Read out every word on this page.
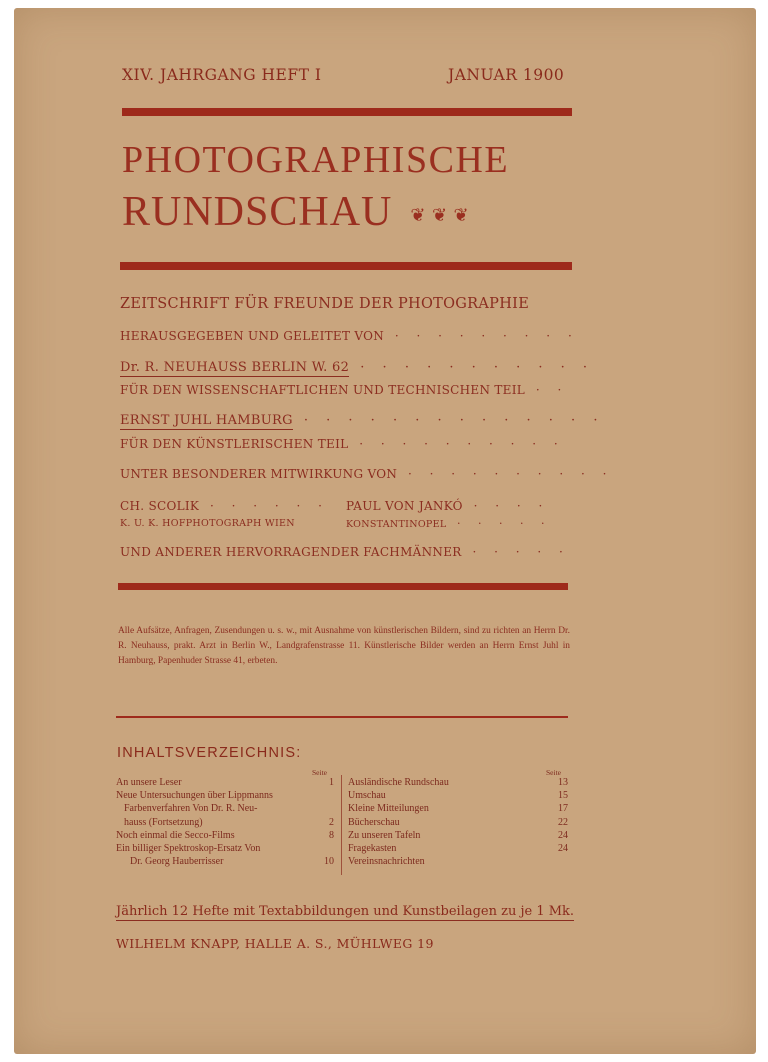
XIV. JAHRGANG HEFT I	JANUAR 1900
PHOTOGRAPHISCHE
RUNDSCHAU ❦ ❦ ❦
ZEITSCHRIFT FÜR FREUNDE DER PHOTOGRAPHIE
HERAUSGEGEBEN UND GELEITET VON · · · · · · · · ·
Dr. R. NEUHAUSS BERLIN W. 62 · · · · · · · · · · ·
FÜR DEN WISSENSCHAFTLICHEN UND TECHNISCHEN TEIL · ·
ERNST JUHL HAMBURG · · · · · · · · · · · · · ·
FÜR DEN KÜNSTLERISCHEN TEIL · · · · · · · · · ·
UNTER BESONDERER MITWIRKUNG VON · · · · · · · · · ·
CH. SCOLIK · · · · · · PAUL VON JANKÓ · · · ·
K. U. K. HOFPHOTOGRAPH WIEN	KONSTANTINOPEL · · · · ·
UND ANDERER HERVORRAGENDER FACHMÄNNER · · · · ·
Alle Aufsätze, Anfragen, Zusendungen u. s. w., mit Ausnahme von künstlerischen Bildern, sind zu richten an Herrn Dr. R. Neuhauss, prakt. Arzt in Berlin W., Landgrafenstrasse 11. Künstlerische Bilder werden an Herrn Ernst Juhl in Hamburg, Papenhuder Strasse 41, erbeten.
INHALTSVERZEICHNIS:
Seite
An unsere Leser	1
Neue Untersuchungen über Lippmanns
Farbenverfahren Von Dr. R. Neu-
hauss (Fortsetzung)	2
Noch einmal die Secco-Films	8
Ein billiger Spektroskop-Ersatz Von
Dr. Georg Hauberrisser	10
Seite
Ausländische Rundschau	13
Umschau	15
Kleine Mitteilungen	17
Bücherschau	22
Zu unseren Tafeln	24
Fragekasten	24
Vereinsnachrichten
Jährlich 12 Hefte mit Textabbildungen und Kunstbeilagen zu je 1 Mk.
WILHELM KNAPP, HALLE A. S., MÜHLWEG 19
